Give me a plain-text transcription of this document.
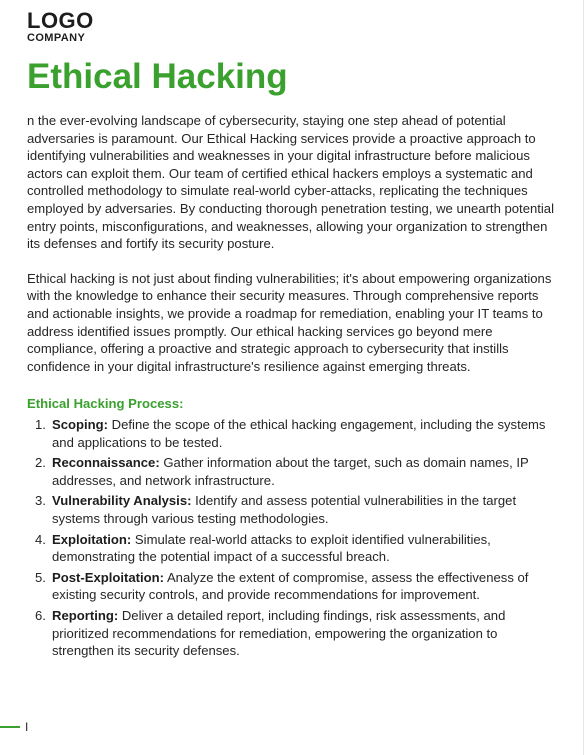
LOGO
COMPANY
Ethical Hacking

n the ever-evolving landscape of cybersecurity, staying one step ahead of potential adversaries is paramount. Our Ethical Hacking services provide a proactive approach to identifying vulnerabilities and weaknesses in your digital infrastructure before malicious actors can exploit them. Our team of certified ethical hackers employs a systematic and controlled methodology to simulate real-world cyber-attacks, replicating the techniques employed by adversaries. By conducting thorough penetration testing, we unearth potential entry points, misconfigurations, and weaknesses, allowing your organization to strengthen its defenses and fortify its security posture.

Ethical hacking is not just about finding vulnerabilities; it's about empowering organizations with the knowledge to enhance their security measures. Through comprehensive reports and actionable insights, we provide a roadmap for remediation, enabling your IT teams to address identified issues promptly. Our ethical hacking services go beyond mere compliance, offering a proactive and strategic approach to cybersecurity that instills confidence in your digital infrastructure's resilience against emerging threats.

Ethical Hacking Process:
1. Scoping: Define the scope of the ethical hacking engagement, including the systems and applications to be tested.
2. Reconnaissance: Gather information about the target, such as domain names, IP addresses, and network infrastructure.
3. Vulnerability Analysis: Identify and assess potential vulnerabilities in the target systems through various testing methodologies.
4. Exploitation: Simulate real-world attacks to exploit identified vulnerabilities, demonstrating the potential impact of a successful breach.
5. Post-Exploitation: Analyze the extent of compromise, assess the effectiveness of existing security controls, and provide recommendations for improvement.
6. Reporting: Deliver a detailed report, including findings, risk assessments, and prioritized recommendations for remediation, empowering the organization to strengthen its security defenses.
I
